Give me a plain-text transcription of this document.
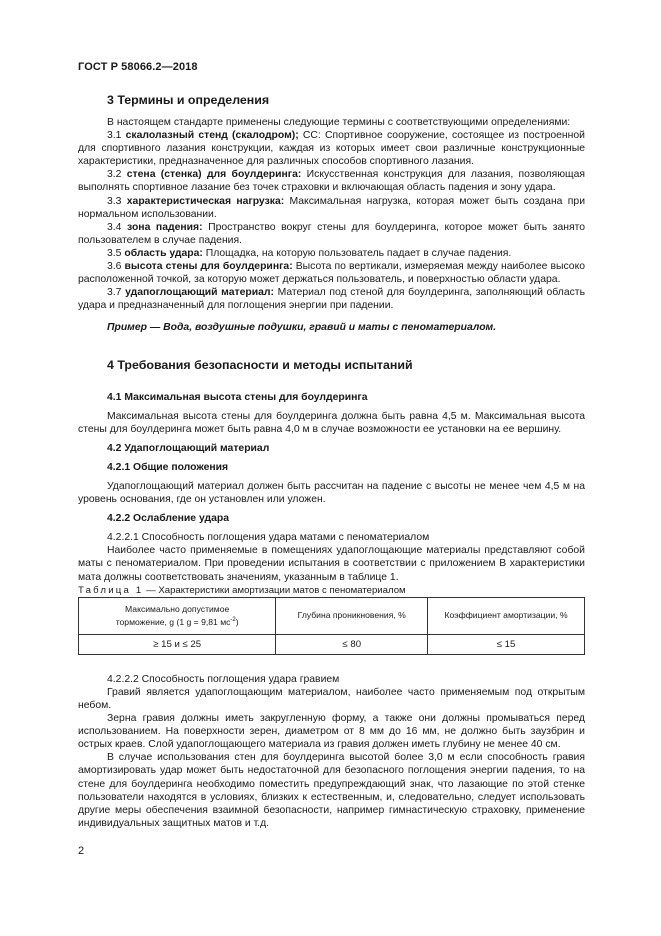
ГОСТ Р 58066.2—2018
3 Термины и определения

В настоящем стандарте применены следующие термины с соответствующими определениями:

3.1 скалолазный стенд (скалодром); СС: Спортивное сооружение, состоящее из построенной для спортивного лазания конструкции, каждая из которых имеет свои различные конструкционные характеристики, предназначенное для различных способов спортивного лазания.

3.2 стена (стенка) для боулдеринга: Искусственная конструкция для лазания, позволяющая выполнять спортивное лазание без точек страховки и включающая область падения и зону удара.

3.3 характеристическая нагрузка: Максимальная нагрузка, которая может быть создана при нормальном использовании.

3.4 зона падения: Пространство вокруг стены для боулдеринга, которое может быть занято пользователем в случае падения.

3.5 область удара: Площадка, на которую пользователь падает в случае падения.

3.6 высота стены для боулдеринга: Высота по вертикали, измеряемая между наиболее высоко расположенной точкой, за которую может держаться пользователь, и поверхностью области удара.

3.7 удапоглощающий материал: Материал под стеной для боулдеринга, заполняющий область удара и предназначенный для поглощения энергии при падении.

Пример — Вода, воздушные подушки, гравий и маты с пеноматериалом.

4 Требования безопасности и методы испытаний
4.1 Максимальная высота стены для боулдеринга

Максимальная высота стены для боулдеринга должна быть равна 4,5 м. Максимальная высота стены для боулдеринга может быть равна 4,0 м в случае возможности ее установки на ее вершину.

4.2 Удапоглощающий материал
4.2.1 Общие положения

Удапоглощающий материал должен быть рассчитан на падение с высоты не менее чем 4,5 м на уровень основания, где он установлен или уложен.

4.2.2 Ослабление удара

4.2.2.1 Способность поглощения удара матами с пеноматериалом

Наиболее часто применяемые в помещениях удапоглощающие материалы представляют собой маты с пеноматериалом. При проведении испытания в соответствии с приложением В характеристики мата должны соответствовать значениям, указанным в таблице 1.

Таблица 1 — Характеристики амортизации матов с пеноматериалом

Максимально допустимое
торможение, g (1 g = 9,81 $мс^{-2}$)	Глубина проникновения, %	Коэффициент амортизации, %
≥ 15 и ≤ 25	≤ 80	≤ 15

4.2.2.2 Способность поглощения удара гравием

Гравий является удапоглощающим материалом, наиболее часто применяемым под открытым небом.

Зерна гравия должны иметь закругленную форму, а также они должны промываться перед использованием. На поверхности зерен, диаметром от 8 мм до 16 мм, не должно быть заузбрин и острых краев. Слой удапоглощающего материала из гравия должен иметь глубину не менее 40 см.

В случае использования стен для боулдеринга высотой более 3,0 м если способность гравия амортизировать удар может быть недостаточной для безопасного поглощения энергии падения, то на стене для боулдеринга необходимо поместить предупреждающий знак, что лазающие по этой стенке пользователи находятся в условиях, близких к естественным, и, следовательно, следует использовать другие меры обеспечения взаимной безопасности, например гимнастическую страховку, применение индивидуальных защитных матов и т.д.

2
